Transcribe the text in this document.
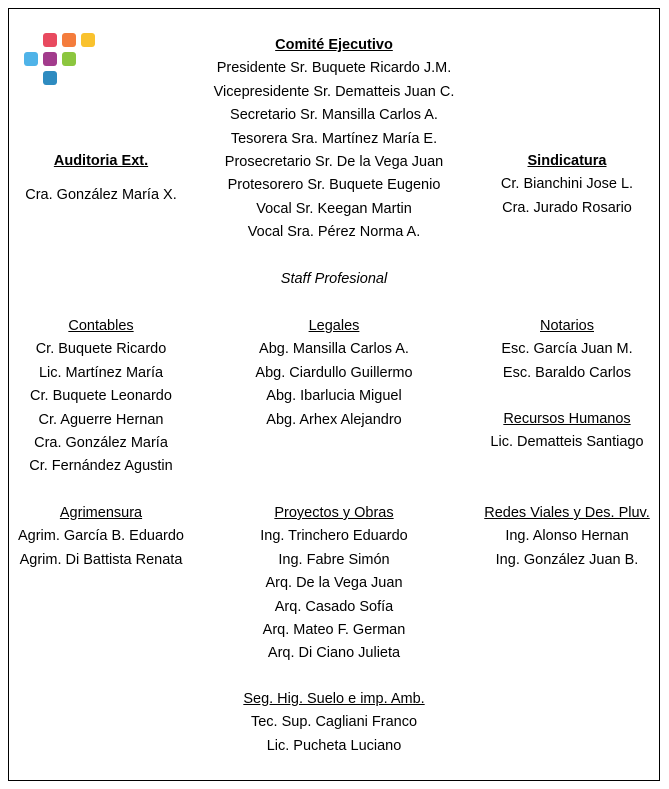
Comité Ejecutivo
Presidente Sr. Buquete Ricardo J.M.
Vicepresidente Sr. Dematteis Juan C.
Secretario Sr. Mansilla Carlos A.
Tesorera Sra. Martínez María E.
Prosecretario Sr. De la Vega Juan
Protesorero Sr. Buquete Eugenio
Vocal Sr. Keegan Martin
Vocal Sra. Pérez Norma A.
Auditoria Ext.
Cra. González María X.
Sindicatura
Cr. Bianchini Jose L.
Cra. Jurado Rosario
Staff Profesional
Contables
Cr. Buquete Ricardo
Lic. Martínez María
Cr. Buquete Leonardo
Cr. Aguerre Hernan
Cra. González María
Cr. Fernández Agustin
Legales
Abg. Mansilla Carlos A.
Abg. Ciardullo Guillermo
Abg. Ibarlucia Miguel
Abg. Arhex Alejandro
Notarios
Esc. García Juan M.
Esc. Baraldo Carlos
Recursos Humanos
Lic. Dematteis Santiago
Agrimensura
Agrim. García B. Eduardo
Agrim. Di Battista Renata
Proyectos y Obras
Ing. Trinchero Eduardo
Ing. Fabre Simón
Arq. De la Vega Juan
Arq. Casado Sofía
Arq. Mateo F. German
Arq. Di Ciano Julieta
Redes Viales y Des. Pluv.
Ing. Alonso Hernan
Ing. González Juan B.
Seg. Hig. Suelo e imp. Amb.
Tec. Sup. Cagliani Franco
Lic. Pucheta Luciano
